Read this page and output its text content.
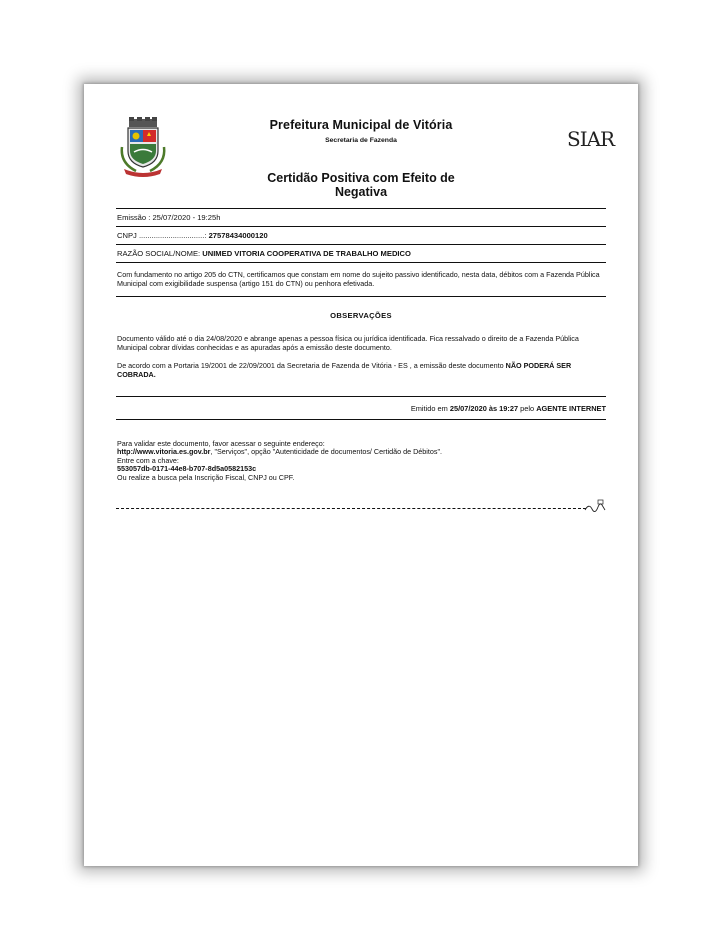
Prefeitura Municipal de Vitória
Secretaria de Fazenda
Certidão Positiva com Efeito de Negativa
SIAR
Emissão : 25/07/2020 - 19:25h
CNPJ ...............................: 27578434000120
RAZÃO SOCIAL/NOME: UNIMED VITORIA COOPERATIVA DE TRABALHO MEDICO
Com fundamento no artigo 205 do CTN, certificamos que constam em nome do sujeito passivo identificado, nesta data, débitos com a Fazenda Pública Municipal com exigibilidade suspensa (artigo 151 do CTN) ou penhora efetivada.
OBSERVAÇÕES
Documento válido até o dia 24/08/2020 e abrange apenas a pessoa física ou jurídica identificada. Fica ressalvado o direito de a Fazenda Pública Municipal cobrar dívidas conhecidas e as apuradas após a emissão deste documento.
De acordo com a Portaria 19/2001 de 22/09/2001 da Secretaria de Fazenda de Vitória - ES , a emissão deste documento NÃO PODERÁ SER COBRADA.
Emitido em 25/07/2020 às 19:27 pelo AGENTE INTERNET
Para validar este documento, favor acessar o seguinte endereço:
http://www.vitoria.es.gov.br, "Serviços", opção "Autenticidade de documentos/ Certidão de Débitos".
Entre com a chave:
553057db-0171-44e8-b707-8d5a0582153c
Ou realize a busca pela Inscrição Fiscal, CNPJ ou CPF.
